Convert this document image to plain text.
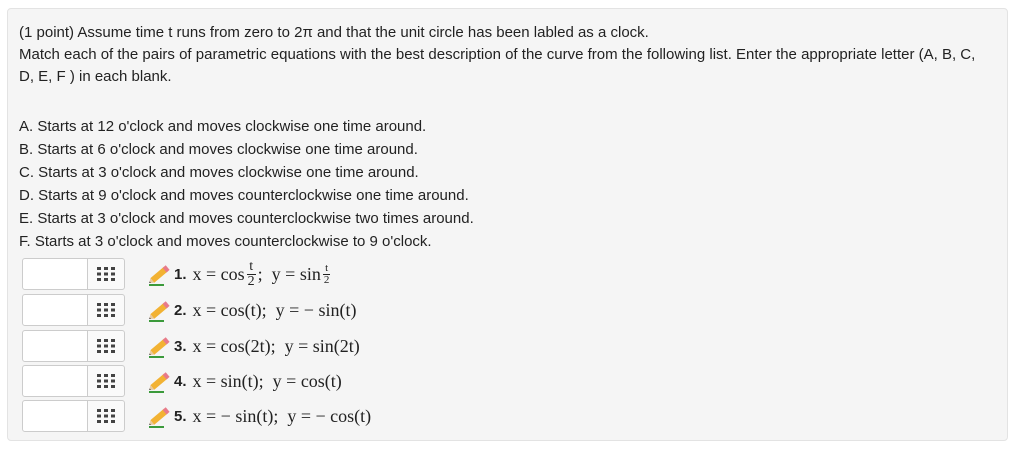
(1 point) Assume time t runs from zero to 2π and that the unit circle has been labled as a clock.

Match each of the pairs of parametric equations with the best description of the curve from the following list. Enter the appropriate letter (A, B, C, D, E, F ) in each blank.

A. Starts at 12 o'clock and moves clockwise one time around.
B. Starts at 6 o'clock and moves clockwise one time around.
C. Starts at 3 o'clock and moves clockwise one time around.
D. Starts at 9 o'clock and moves counterclockwise one time around.
E. Starts at 3 o'clock and moves counterclockwise two times around.
F. Starts at 3 o'clock and moves counterclockwise to 9 o'clock.
1. $x = \cos \frac{t}{2}$ ;  $y = \sin \frac{t}{2}$
2. x = cos(t);  y = − sin(t)
3. x = cos(2t);  y = sin(2t)
4. x = sin(t);  y = cos(t)
5. x = − sin(t);  y = − cos(t)
